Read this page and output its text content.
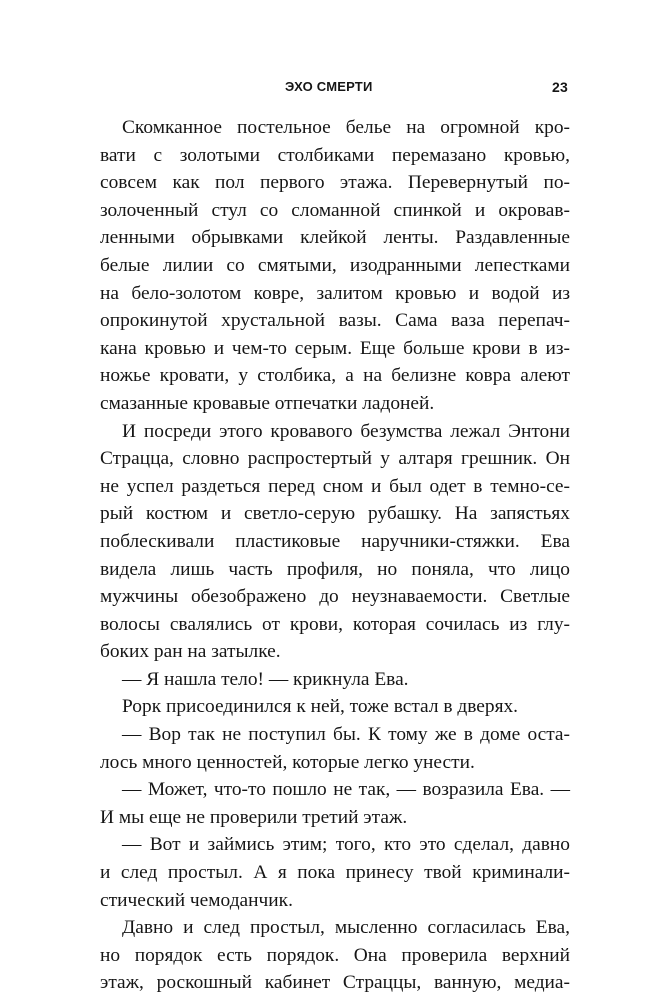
ЭХО СМЕРТИ	23

Скомканное постельное белье на огромной кро-
вати с золотыми столбиками перемазано кровью,
совсем как пол первого этажа. Перевернутый по-
золоченный стул со сломанной спинкой и окровав-
ленными обрывками клейкой ленты. Раздавленные
белые лилии со смятыми, изодранными лепестками
на бело-золотом ковре, залитом кровью и водой из
опрокинутой хрустальной вазы. Сама ваза перепач-
кана кровью и чем-то серым. Еще больше крови в из-
ножье кровати, у столбика, а на белизне ковра алеют
смазанные кровавые отпечатки ладоней.

И посреди этого кровавого безумства лежал Энтони
Страцца, словно распростертый у алтаря грешник. Он
не успел раздеться перед сном и был одет в темно-се-
рый костюм и светло-серую рубашку. На запястьях
поблескивали пластиковые наручники-стяжки. Ева
видела лишь часть профиля, но поняла, что лицо
мужчины обезображено до неузнаваемости. Светлые
волосы свалялись от крови, которая сочилась из глу-
боких ран на затылке.

— Я нашла тело! — крикнула Ева.

Рорк присоединился к ней, тоже встал в дверях.

— Вор так не поступил бы. К тому же в доме оста-
лось много ценностей, которые легко унести.

— Может, что-то пошло не так, — возразила Ева. —
И мы еще не проверили третий этаж.

— Вот и займись этим; того, кто это сделал, давно
и след простыл. А я пока принесу твой криминали-
стический чемоданчик.

Давно и след простыл, мысленно согласилась Ева,
но порядок есть порядок. Она проверила верхний
этаж, роскошный кабинет Страццы, ванную, медиа-
